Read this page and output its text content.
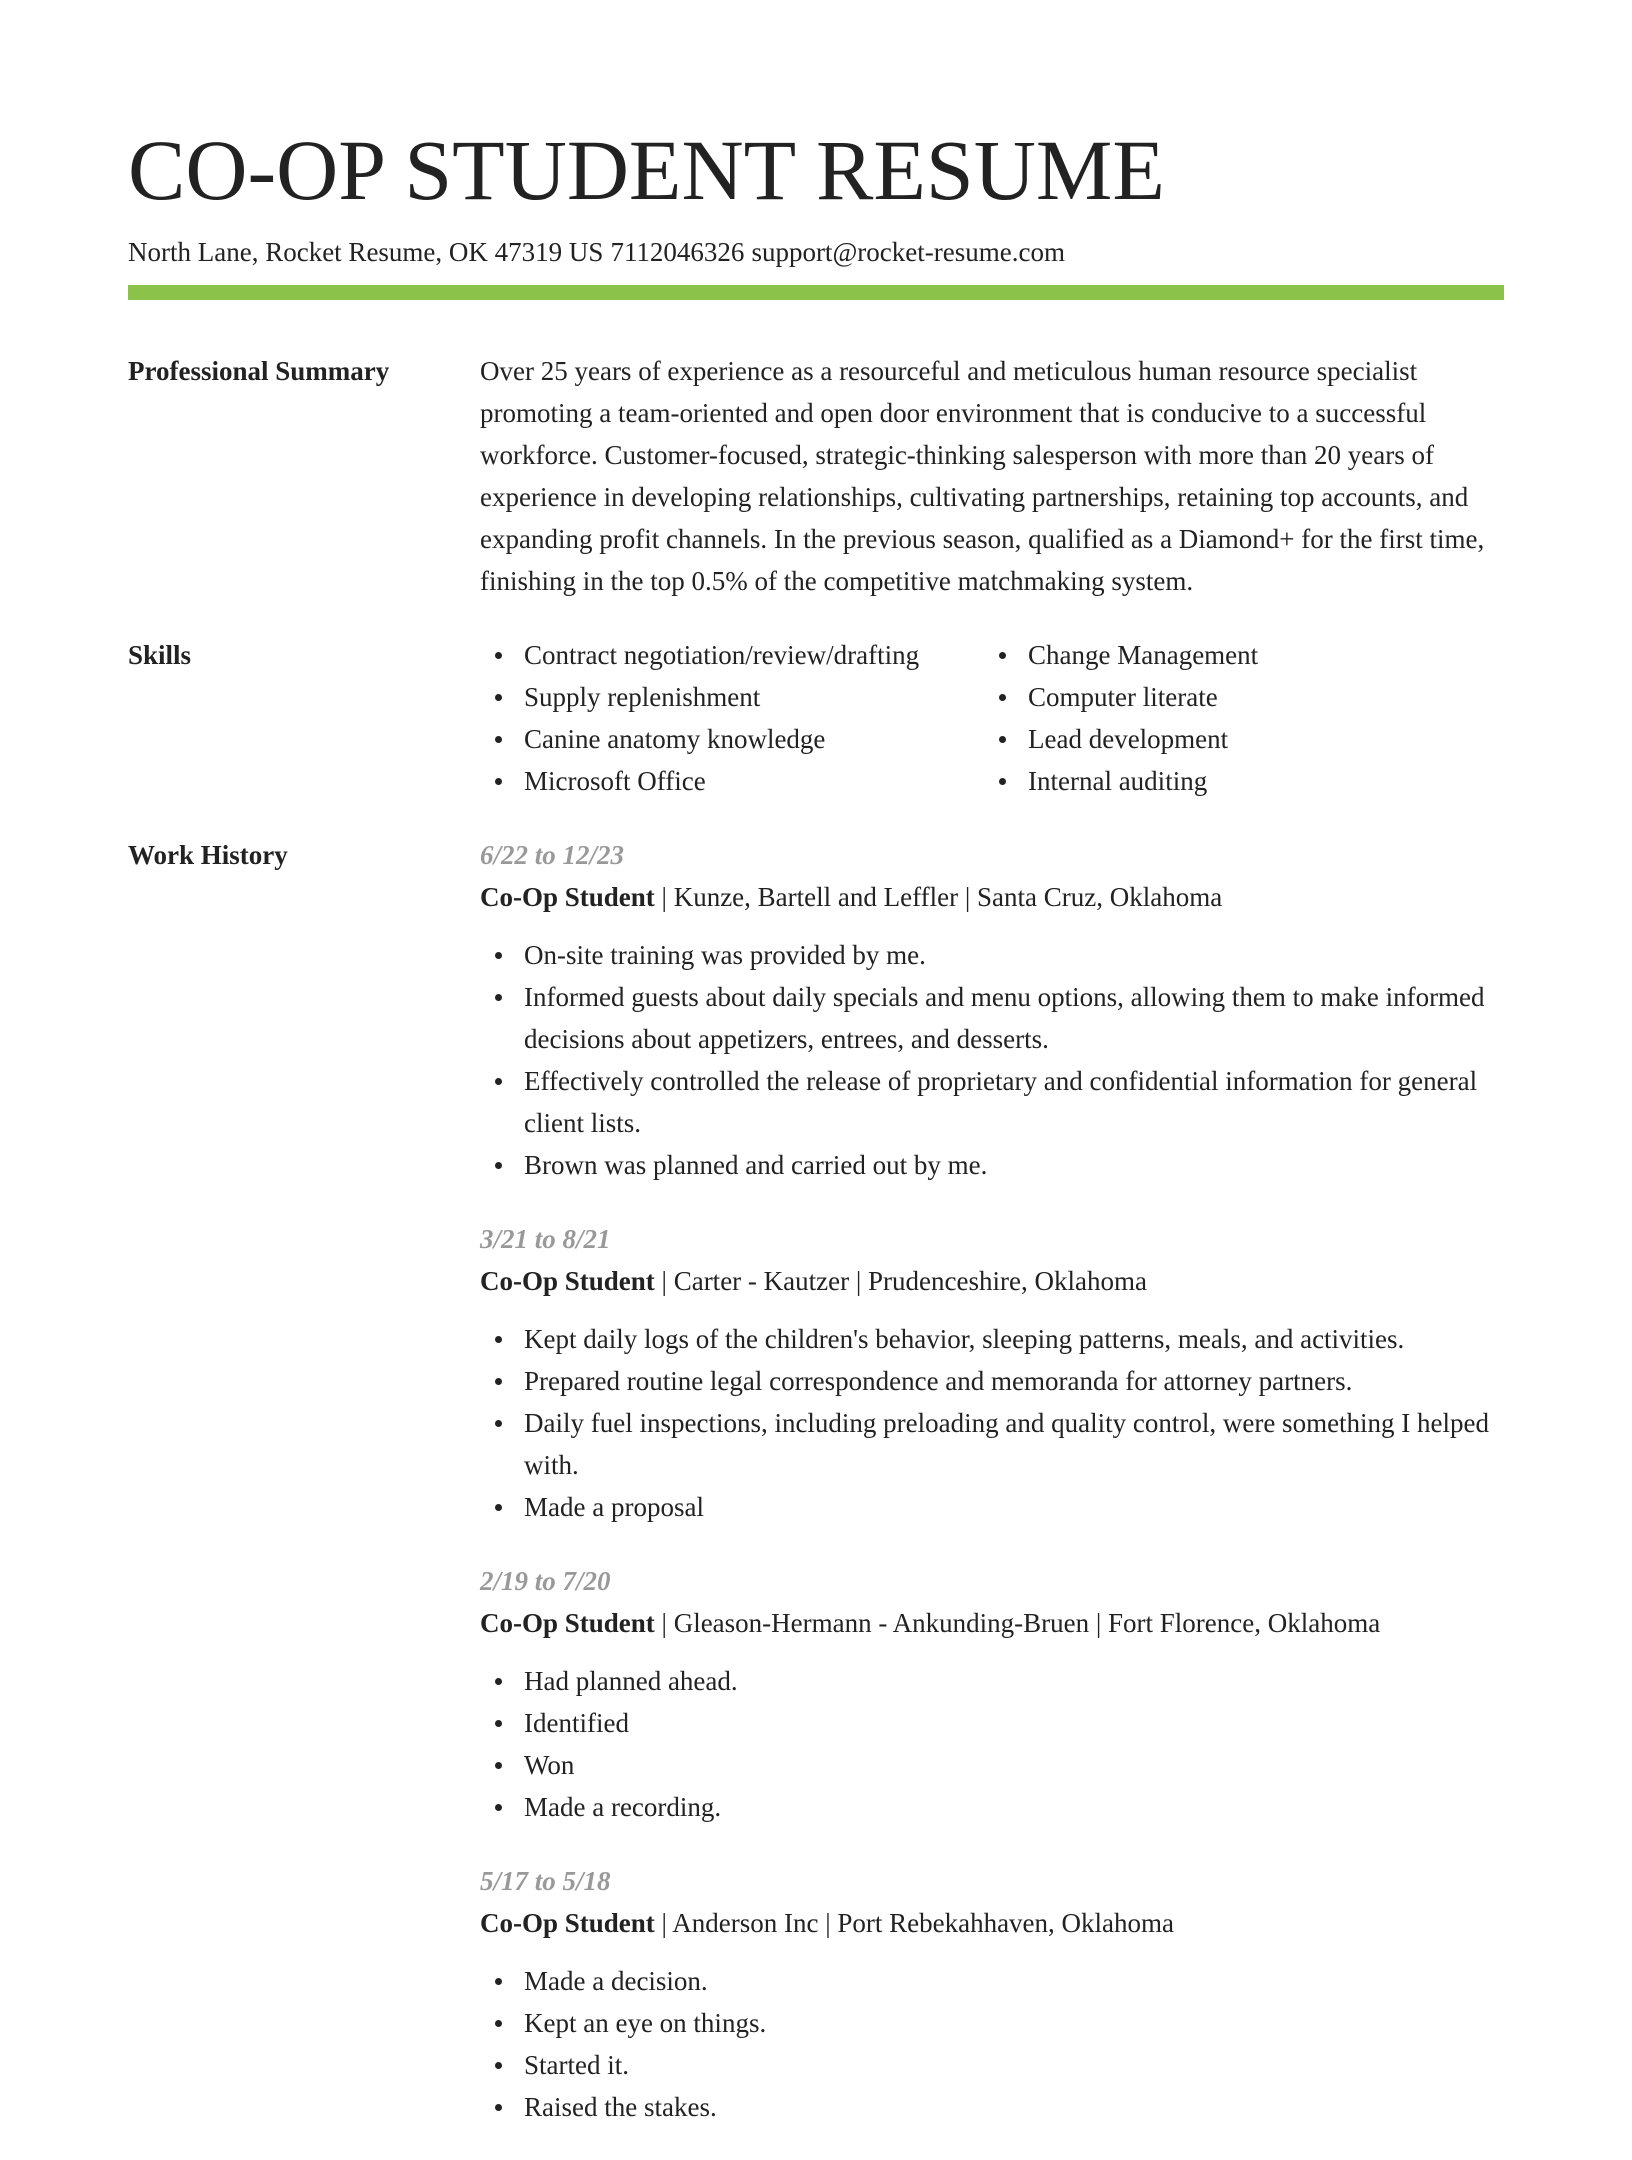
CO-OP STUDENT RESUME
North Lane, Rocket Resume, OK 47319 US 7112046326 support@rocket-resume.com
Professional Summary	Over 25 years of experience as a resourceful and meticulous human resource specialist promoting a team-oriented and open door environment that is conducive to a successful workforce. Customer-focused, strategic-thinking salesperson with more than 20 years of experience in developing relationships, cultivating partnerships, retaining top accounts, and expanding profit channels. In the previous season, qualified as a Diamond+ for the first time, finishing in the top 0.5% of the competitive matchmaking system.

Skills	Contract negotiation/review/drafting
Supply replenishment
Canine anatomy knowledge
Microsoft Office
Change Management
Computer literate
Lead development
Internal auditing
Work History	6/22 to 12/23
Co-Op Student | Kunze, Bartell and Leffler | Santa Cruz, Oklahoma
On-site training was provided by me.
Informed guests about daily specials and menu options, allowing them to make informed decisions about appetizers, entrees, and desserts.
Effectively controlled the release of proprietary and confidential information for general client lists.
Brown was planned and carried out by me.
3/21 to 8/21
Co-Op Student | Carter - Kautzer | Prudenceshire, Oklahoma
Kept daily logs of the children's behavior, sleeping patterns, meals, and activities.
Prepared routine legal correspondence and memoranda for attorney partners.
Daily fuel inspections, including preloading and quality control, were something I helped with.
Made a proposal
2/19 to 7/20
Co-Op Student | Gleason-Hermann - Ankunding-Bruen | Fort Florence, Oklahoma
Had planned ahead.
Identified
Won
Made a recording.
5/17 to 5/18
Co-Op Student | Anderson Inc | Port Rebekahhaven, Oklahoma
Made a decision.
Kept an eye on things.
Started it.
Raised the stakes.
